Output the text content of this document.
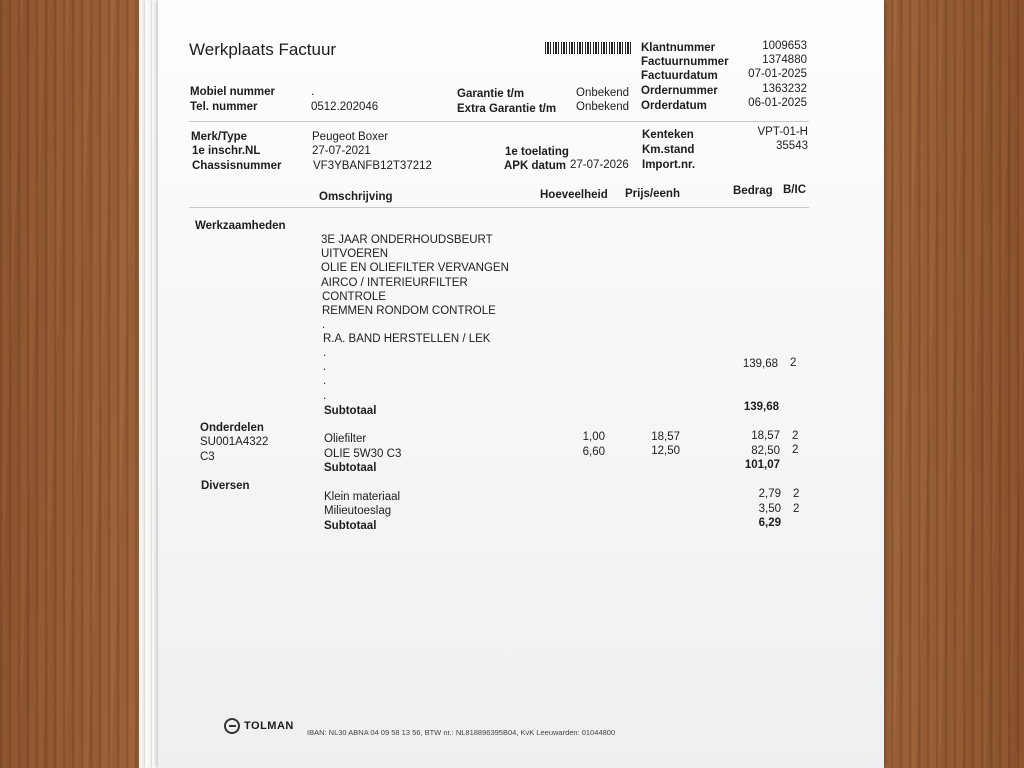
Werkplaats Factuur	Klantnummer	1009653
Factuurnummer	1374880
Factuurdatum	07-01-2025
Ordernummer	1363232
Orderdatum	06-01-2025
Mobiel nummer	.
Tel. nummer	0512.202046
Garantie t/m	Onbekend
Extra Garantie t/m Onbekend
Merk/Type	Peugeot Boxer
1e inschr.NL	27-07-2021
Chassisnummer	VF3YBANFB12T37212
1e toelating
APK datum 27-07-2026
Kenteken	VPT-01-H
Km.stand	35543
Import.nr.
Omschrijving	Hoeveelheid Prijs/eenh	Bedrag B/IC
Werkzaamheden
3E JAAR ONDERHOUDSBEURT
UITVOEREN
OLIE EN OLIEFILTER VERVANGEN
AIRCO / INTERIEURFILTER
CONTROLE
REMMEN RONDOM CONTROLE
.
R.A. BAND HERSTELLEN / LEK
.
.
.
.
139,68 2
Subtotaal	139,68
Onderdelen
SU001A4322	Oliefilter	1,00	18,57	18,57 2
C3	OLIE 5W30 C3	6,60	12,50	82,50 2
Subtotaal	101,07
Diversen
Klein materiaal	2,79 2
Milieutoeslag	3,50 2
Subtotaal	6,29
TOLMAN
IBAN: NL30 ABNA 04 09 58 13 56, BTW nr.: NL818896395B04, KvK Leeuwarden: 01044800
